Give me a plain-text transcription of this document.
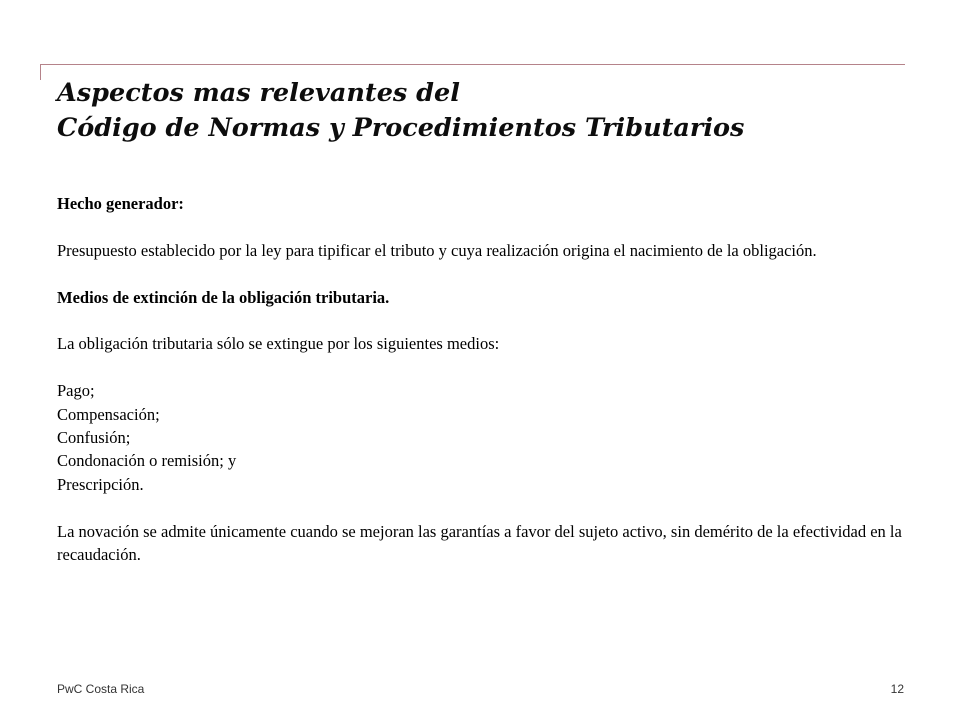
Aspectos mas relevantes del
Código de Normas y Procedimientos Tributarios

Hecho generador:

Presupuesto establecido por la ley para tipificar el tributo y cuya realización origina el nacimiento de la obligación.

Medios de extinción de la obligación tributaria.

La obligación tributaria sólo se extingue por los siguientes medios:

Pago;

Compensación;

Confusión;

Condonación o remisión; y

Prescripción.

La novación se admite únicamente cuando se mejoran las garantías a favor del sujeto activo, sin demérito de la efectividad en la recaudación.

PwC Costa Rica	12
